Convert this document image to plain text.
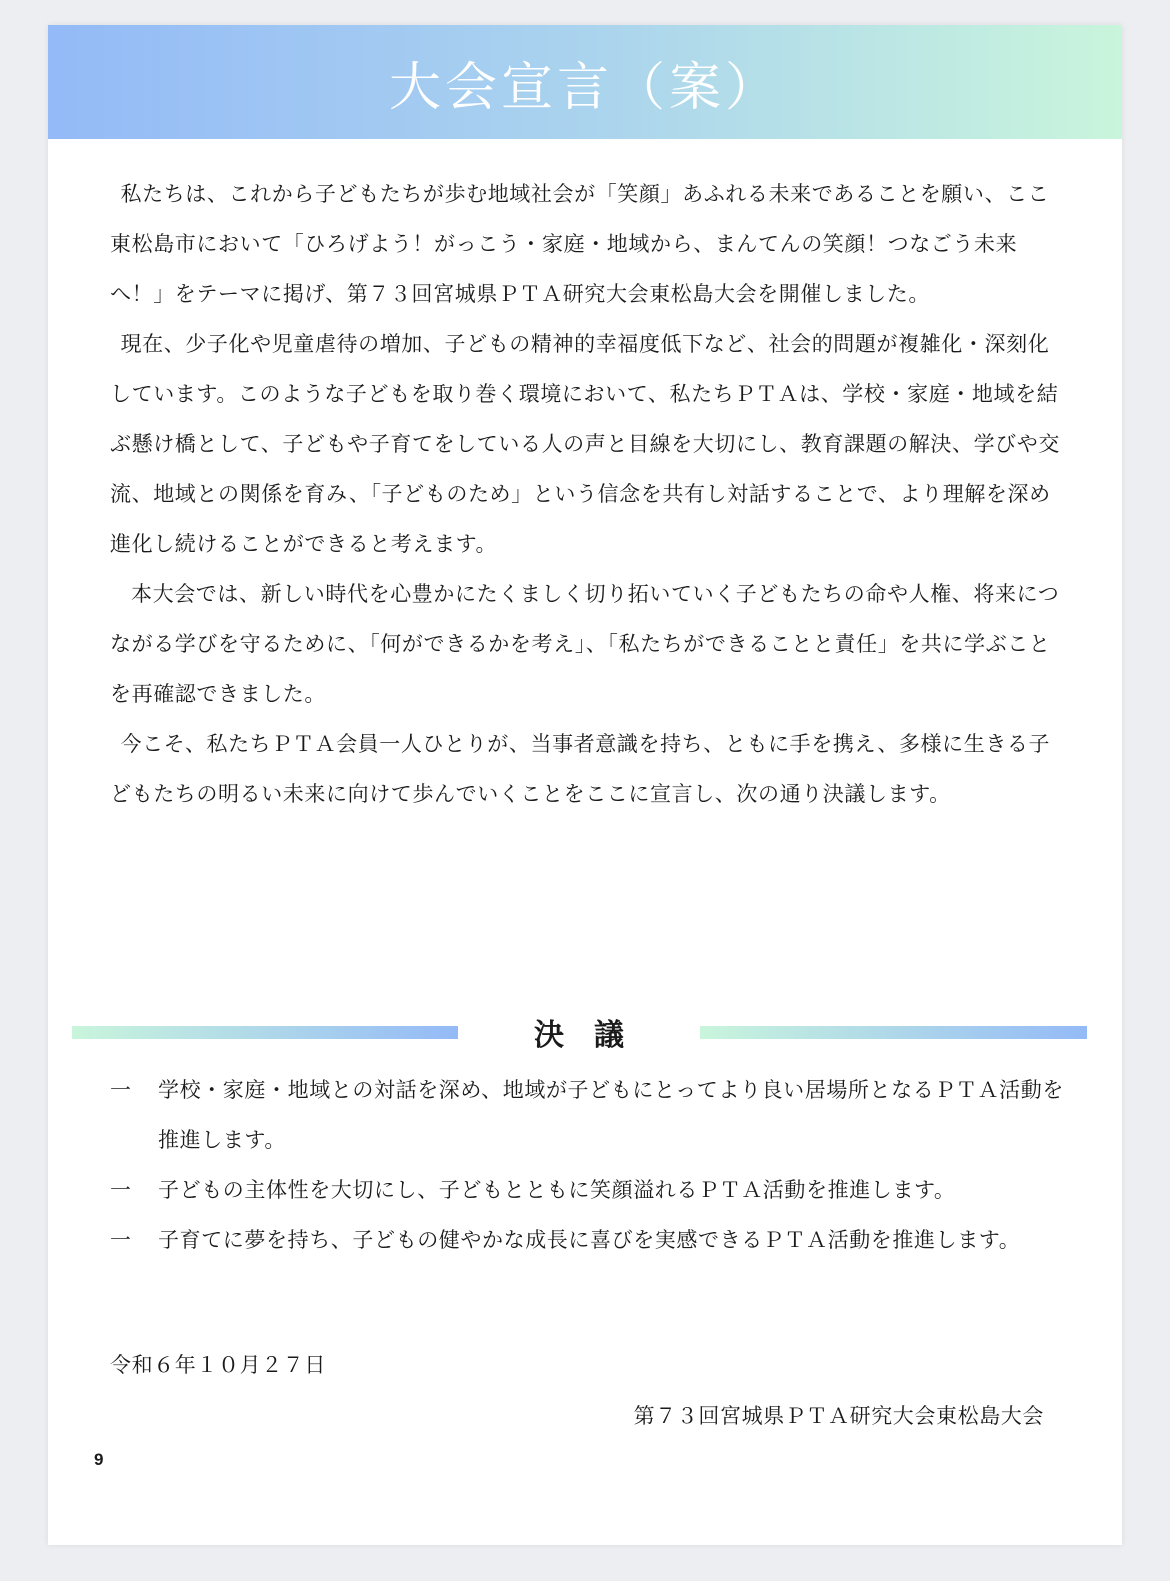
大会宣言（案）

私たちは、これから子どもたちが歩む地域社会が「笑顔」あふれる未来であることを願い、ここ東松島市において「ひろげよう！がっこう・家庭・地域から、まんてんの笑顔！つなごう未来へ！」をテーマに掲げ、第７３回宮城県ＰＴＡ研究大会東松島大会を開催しました。

現在、少子化や児童虐待の増加、子どもの精神的幸福度低下など、社会的問題が複雑化・深刻化しています。このような子どもを取り巻く環境において、私たちＰＴＡは、学校・家庭・地域を結ぶ懸け橋として、子どもや子育てをしている人の声と目線を大切にし、教育課題の解決、学びや交流、地域との関係を育み、「子どものため」という信念を共有し対話することで、より理解を深め進化し続けることができると考えます。

本大会では、新しい時代を心豊かにたくましく切り拓いていく子どもたちの命や人権、将来につながる学びを守るために、「何ができるかを考え」、「私たちができることと責任」を共に学ぶことを再確認できました。

今こそ、私たちＰＴＡ会員一人ひとりが、当事者意識を持ち、ともに手を携え、多様に生きる子どもたちの明るい未来に向けて歩んでいくことをここに宣言し、次の通り決議します。

決議
一	学校・家庭・地域との対話を深め、地域が子どもにとってより良い居場所となるＰＴＡ活動を推進します。
一	子どもの主体性を大切にし、子どもとともに笑顔溢れるＰＴＡ活動を推進します。
一	子育てに夢を持ち、子どもの健やかな成長に喜びを実感できるＰＴＡ活動を推進します。
令和６年１０月２７日
第７３回宮城県ＰＴＡ研究大会東松島大会
9
